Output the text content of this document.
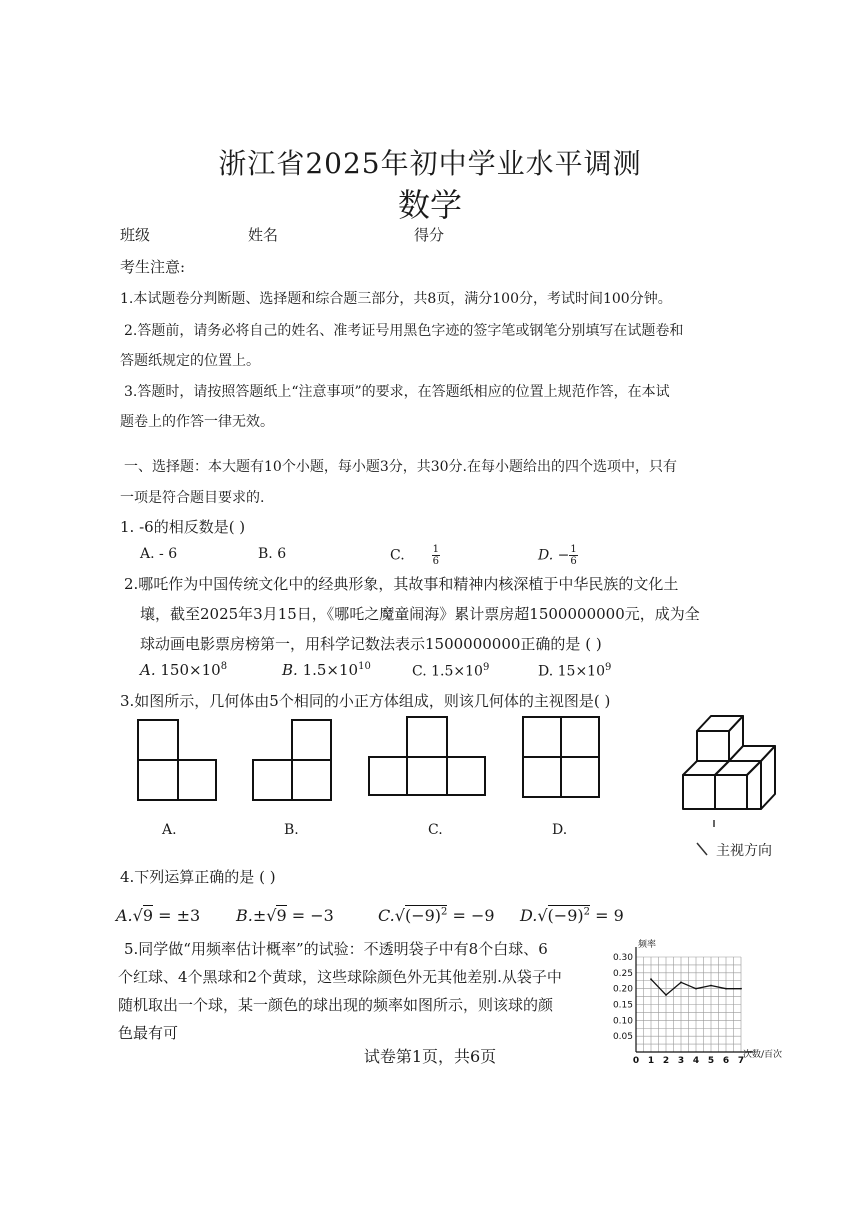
浙江省2025年初中学业水平调测
数学
班级	姓名	得分
考生注意:
1.本试题卷分判断题、选择题和综合题三部分，共8页，满分100分，考试时间100分钟。
2.答题前，请务必将自己的姓名、准考证号用黑色字迹的签字笔或钢笔分别填写在试题卷和
答题纸规定的位置上。
3.答题时，请按照答题纸上“注意事项”的要求，在答题纸相应的位置上规范作答，在本试
题卷上的作答一律无效。
一、选择题：本大题有10个小题，每小题3分，共30分.在每小题给出的四个选项中，只有
一项是符合题目要求的.
1. -6的相反数是( )
A. - 6	B. 6	C.	$\frac{1}{6}$	D. − $\frac{1}{6}$
2.哪吒作为中国传统文化中的经典形象，其故事和精神内核深植于中华民族的文化土
壤，截至2025年3月15日，《哪吒之魔童闹海》累计票房超1500000000元，成为全
球动画电影票房榜第一，用科学记数法表示1500000000正确的是 ( )
A. $150\times 10^8$	B. $1.5\times 10^{10}$	C. $1.5\times 10^9$	D. $15\times 10^9$
3.如图所示，几何体由5个相同的小正方体组成，则该几何体的主视图是( )
A.	B.	C.	D.
主视方向
4.下列运算正确的是 ( )
A.√9 = ±3 B.±√9 = −3	$C.√(-9)^2 = -9$ $D.√(-9)^2 = 9$
5.同学做“用频率估计概率”的试验：不透明袋子中有8个白球、6
个红球、4个黑球和2个黄球，这些球除颜色外无其他差别.从袋子中
随机取出一个球，某一颜色的球出现的频率如图所示，则该球的颜
色最有可	0.05
0.10
0.15
0.20
0.25
0.30
0 1 2 3 4 5 6 7
频率
次数/百次
试卷第1页，共6页
